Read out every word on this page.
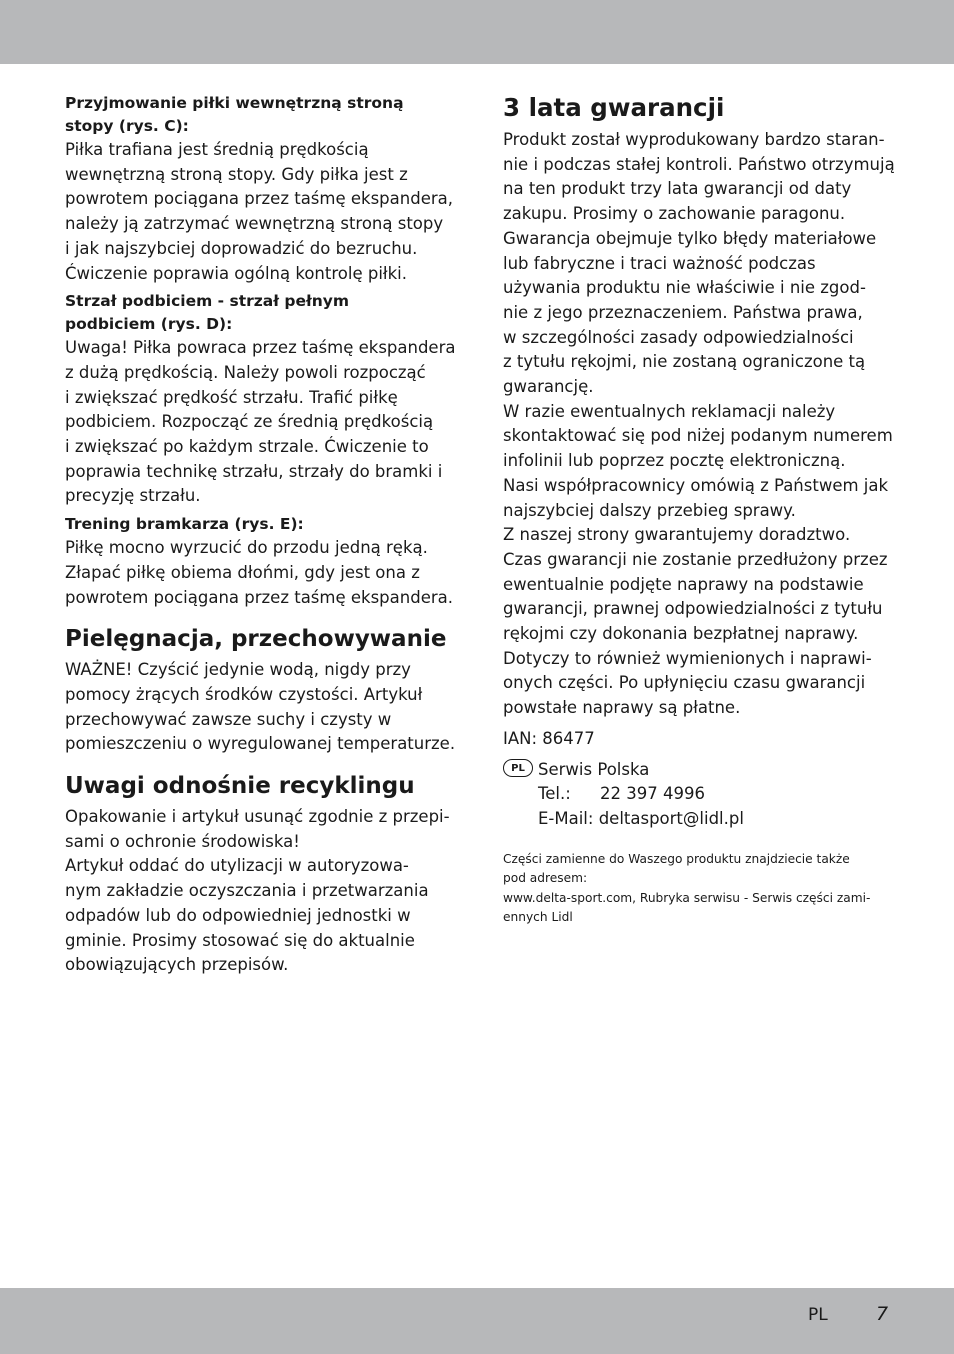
Przyjmowanie piłki wewnętrzną stroną
stopy (rys. C):
Piłka trafiana jest średnią prędkością
wewnętrzną stroną stopy. Gdy piłka jest z
powrotem pociągana przez taśmę ekspandera,
należy ją zatrzymać wewnętrzną stroną stopy
i jak najszybciej doprowadzić do bezruchu.
Ćwiczenie poprawia ogólną kontrolę piłki.
Strzał podbiciem - strzał pełnym
podbiciem (rys. D):
Uwaga! Piłka powraca przez taśmę ekspandera
z dużą prędkością. Należy powoli rozpocząć
i zwiększać prędkość strzału. Trafić piłkę
podbiciem. Rozpocząć ze średnią prędkością
i zwiększać po każdym strzale. Ćwiczenie to
poprawia technikę strzału, strzały do bramki i
precyzję strzału.
Trening bramkarza (rys. E):
Piłkę mocno wyrzucić do przodu jedną ręką.
Złapać piłkę obiema dłońmi, gdy jest ona z
powrotem pociągana przez taśmę ekspandera.
Pielęgnacja, przechowywanie
WAŻNE! Czyścić jedynie wodą, nigdy przy
pomocy żrących środków czystości. Artykuł
przechowywać zawsze suchy i czysty w
pomieszczeniu o wyregulowanej temperaturze.
Uwagi odnośnie recyklingu
Opakowanie i artykuł usunąć zgodnie z przepi-
sami o ochronie środowiska!
Artykuł oddać do utylizacji w autoryzowa-
nym zakładzie oczyszczania i przetwarzania
odpadów lub do odpowiedniej jednostki w
gminie. Prosimy stosować się do aktualnie
obowiązujących przepisów.
3 lata gwarancji
Produkt został wyprodukowany bardzo staran-
nie i podczas stałej kontroli. Państwo otrzymują
na ten produkt trzy lata gwarancji od daty
zakupu. Prosimy o zachowanie paragonu.
Gwarancja obejmuje tylko błędy materiałowe
lub fabryczne i traci ważność podczas
używania produktu nie właściwie i nie zgod-
nie z jego przeznaczeniem. Państwa prawa,
w szczególności zasady odpowiedzialności
z tytułu rękojmi, nie zostaną ograniczone tą
gwarancję.
W razie ewentualnych reklamacji należy
skontaktować się pod niżej podanym numerem
infolinii lub poprzez pocztę elektroniczną.
Nasi współpracownicy omówią z Państwem jak
najszybciej dalszy przebieg sprawy.
Z naszej strony gwarantujemy doradztwo.
Czas gwarancji nie zostanie przedłużony przez
ewentualnie podjęte naprawy na podstawie
gwarancji, prawnej odpowiedzialności z tytułu
rękojmi czy dokonania bezpłatnej naprawy.
Dotyczy to również wymienionych i naprawi-
onych części. Po upłynięciu czasu gwarancji
powstałe naprawy są płatne.
IAN: 86477
PL Serwis Polska
Tel.: 22 397 4996
E-Mail: deltasport@lidl.pl
Części zamienne do Waszego produktu znajdziecie także
pod adresem:
www.delta-sport.com, Rubryka serwisu - Serwis części zami-
ennych Lidl
PL	7
